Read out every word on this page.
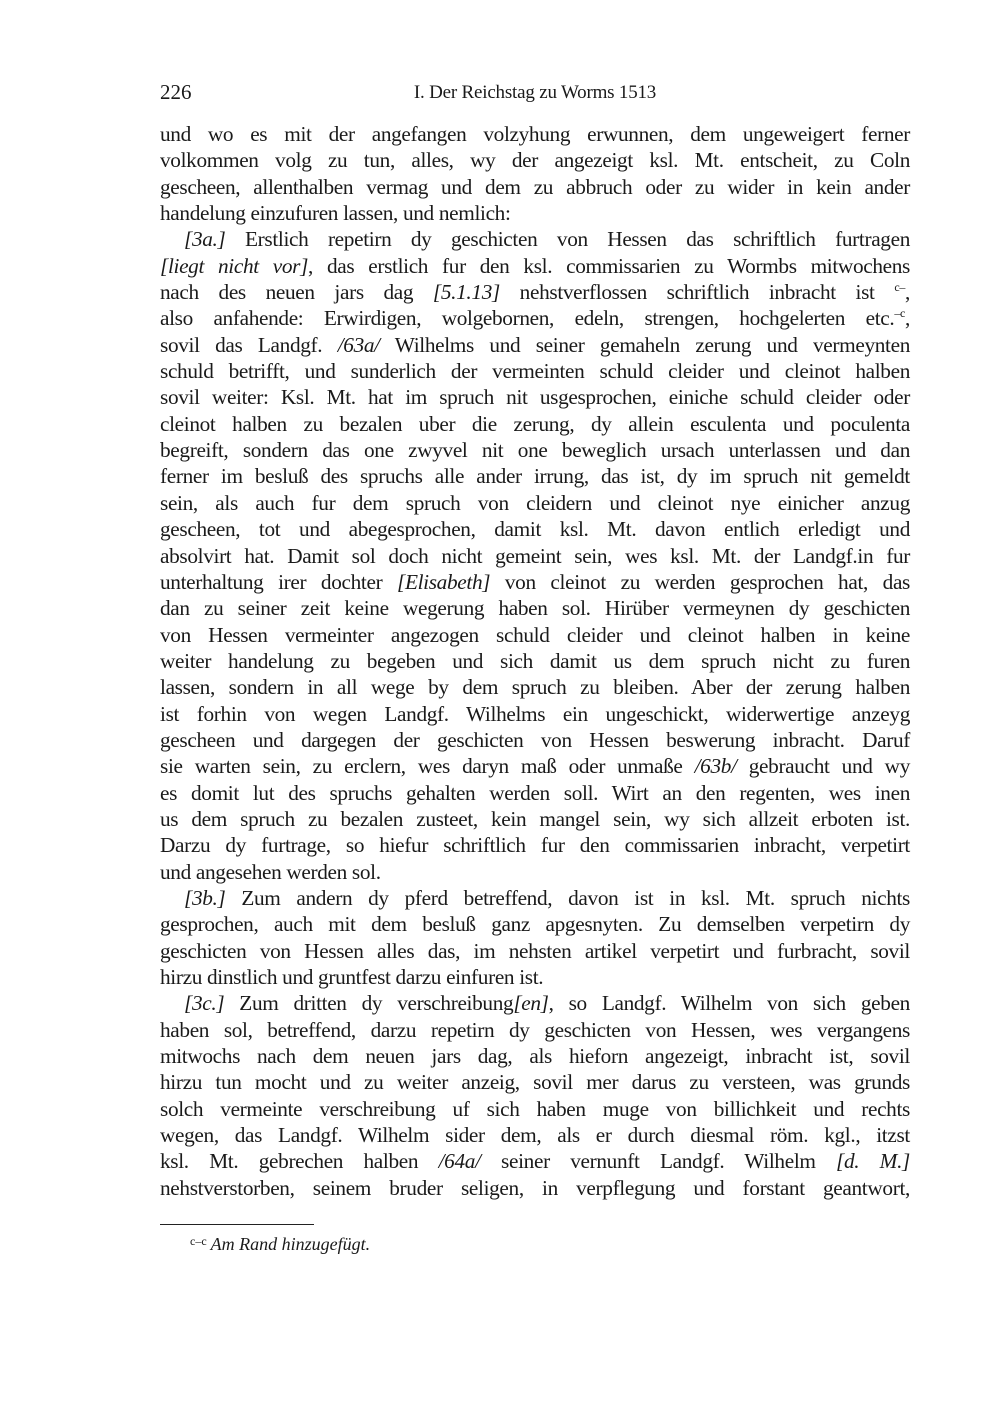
226	I. Der Reichstag zu Worms 1513
und wo es mit der angefangen volzyhung erwunnen, dem ungeweigert ferner
volkommen volg zu tun, alles, wy der angezeigt ksl. Mt. entscheit, zu Coln
gescheen, allenthalben vermag und dem zu abbruch oder zu wider in kein ander
handelung einzufuren lassen, und nemlich:
[3a.] Erstlich repetirn dy geschicten von Hessen das schriftlich furtragen
[liegt nicht vor], das erstlich fur den ksl. commissarien zu Wormbs mitwochens
nach des neuen jars dag [5.1.13] nehstverflossen schriftlich inbracht ist $^{c-}$,
also anfahende: Erwirdigen, wolgebornen, edeln, strengen, hochgelerten etc.$^{-c}$,
sovil das Landgf. /63a/ Wilhelms und seiner gemaheln zerung und vermeynten
schuld betrifft, und sunderlich der vermeinten schuld cleider und cleinot halben
sovil weiter: Ksl. Mt. hat im spruch nit usgesprochen, einiche schuld cleider oder
cleinot halben zu bezalen uber die zerung, dy allein esculenta und poculenta
begreift, sondern das one zwyvel nit one beweglich ursach unterlassen und dan
ferner im besluß des spruchs alle ander irrung, das ist, dy im spruch nit gemeldt
sein, als auch fur dem spruch von cleidern und cleinot nye einicher anzug
gescheen, tot und abegesprochen, damit ksl. Mt. davon entlich erledigt und
absolvirt hat. Damit sol doch nicht gemeint sein, wes ksl. Mt. der Landgf.in fur
unterhaltung irer dochter [Elisabeth] von cleinot zu werden gesprochen hat, das
dan zu seiner zeit keine wegerung haben sol. Hirüber vermeynen dy geschicten
von Hessen vermeinter angezogen schuld cleider und cleinot halben in keine
weiter handelung zu begeben und sich damit us dem spruch nicht zu furen
lassen, sondern in all wege by dem spruch zu bleiben. Aber der zerung halben
ist forhin von wegen Landgf. Wilhelms ein ungeschickt, widerwertige anzeyg
gescheen und dargegen der geschicten von Hessen beswerung inbracht. Daruf
sie warten sein, zu erclern, wes daryn maß oder unmaße /63b/ gebraucht und wy
es domit lut des spruchs gehalten werden soll. Wirt an den regenten, wes inen
us dem spruch zu bezalen zusteet, kein mangel sein, wy sich allzeit erboten ist.
Darzu dy furtrage, so hiefur schriftlich fur den commissarien inbracht, verpetirt
und angesehen werden sol.
[3b.] Zum andern dy pferd betreffend, davon ist in ksl. Mt. spruch nichts
gesprochen, auch mit dem besluß ganz apgesnyten. Zu demselben verpetirn dy
geschicten von Hessen alles das, im nehsten artikel verpetirt und furbracht, sovil
hirzu dinstlich und gruntfest darzu einfuren ist.
[3c.] Zum dritten dy verschreibung[en], so Landgf. Wilhelm von sich geben
haben sol, betreffend, darzu repetirn dy geschicten von Hessen, wes vergangens
mitwochs nach dem neuen jars dag, als hieforn angezeigt, inbracht ist, sovil
hirzu tun mocht und zu weiter anzeig, sovil mer darus zu versteen, was grunds
solch vermeinte verschreibung uf sich haben muge von billichkeit und rechts
wegen, das Landgf. Wilhelm sider dem, als er durch diesmal röm. kgl., itzst
ksl. Mt. gebrechen halben /64a/ seiner vernunft Landgf. Wilhelm [d. M.]
nehstverstorben, seinem bruder seligen, in verpflegung und forstant geantwort,
$^{c-c}$ Am Rand hinzugefügt.
